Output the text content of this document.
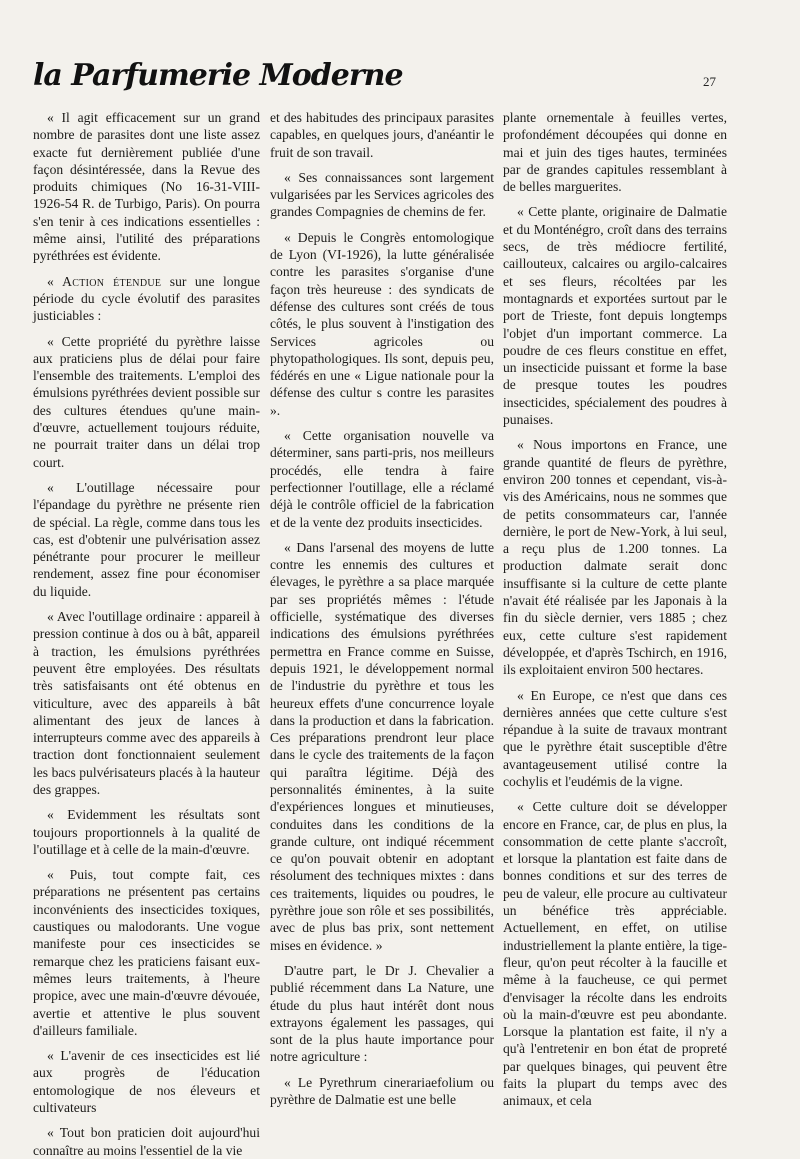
la Parfumerie Moderne	27

« Il agit efficacement sur un grand nombre de parasites dont une liste assez exacte fut dernièrement publiée d'une façon désintéressée, dans la Revue des produits chimiques (No 16-31-VIII-1926-54 R. de Turbigo, Paris). On pourra s'en tenir à ces indications essentielles : même ainsi, l'utilité des préparations pyréthrées est évidente.

« Action étendue sur une longue période du cycle évolutif des parasites justiciables :

« Cette propriété du pyrèthre laisse aux praticiens plus de délai pour faire l'ensemble des traitements. L'emploi des émulsions pyréthrées devient possible sur des cultures étendues qu'une main-d'œuvre, actuellement toujours réduite, ne pourrait traiter dans un délai trop court.

« L'outillage nécessaire pour l'épandage du pyrèthre ne présente rien de spécial. La règle, comme dans tous les cas, est d'obtenir une pulvérisation assez pénétrante pour procurer le meilleur rendement, assez fine pour économiser du liquide.

« Avec l'outillage ordinaire : appareil à pression continue à dos ou à bât, appareil à traction, les émulsions pyréthrées peuvent être employées. Des résultats très satisfaisants ont été obtenus en viticulture, avec des appareils à bât alimentant des jeux de lances à interrupteurs comme avec des appareils à traction dont fonctionnaient seulement les bacs pulvérisateurs placés à la hauteur des grappes.

« Evidemment les résultats sont toujours proportionnels à la qualité de l'outillage et à celle de la main-d'œuvre.

« Puis, tout compte fait, ces préparations ne présentent pas certains inconvénients des insecticides toxiques, caustiques ou malodorants. Une vogue manifeste pour ces insecticides se remarque chez les praticiens faisant eux-mêmes leurs traitements, à l'heure propice, avec une main-d'œuvre dévouée, avertie et attentive le plus souvent d'ailleurs familiale.

« L'avenir de ces insecticides est lié aux progrès de l'éducation entomologique de nos éleveurs et cultivateurs

« Tout bon praticien doit aujourd'hui connaître au moins l'essentiel de la vie

et des habitudes des principaux parasites capables, en quelques jours, d'anéantir le fruit de son travail.

« Ses connaissances sont largement vulgarisées par les Services agricoles des grandes Compagnies de chemins de fer.

« Depuis le Congrès entomologique de Lyon (VI-1926), la lutte généralisée contre les parasites s'organise d'une façon très heureuse : des syndicats de défense des cultures sont créés de tous côtés, le plus souvent à l'instigation des Services agricoles ou phytopathologiques. Ils sont, depuis peu, fédérés en une « Ligue nationale pour la défense des cultur s contre les parasites ».

« Cette organisation nouvelle va déterminer, sans parti-pris, nos meilleurs procédés, elle tendra à faire perfectionner l'outillage, elle a réclamé déjà le contrôle officiel de la fabrication et de la vente dez produits insecticides.

« Dans l'arsenal des moyens de lutte contre les ennemis des cultures et élevages, le pyrèthre a sa place marquée par ses propriétés mêmes : l'étude officielle, systématique des diverses indications des émulsions pyréthrées permettra en France comme en Suisse, depuis 1921, le développement normal de l'industrie du pyrèthre et tous les heureux effets d'une concurrence loyale dans la production et dans la fabrication. Ces préparations prendront leur place dans le cycle des traitements de la façon qui paraîtra légitime. Déjà des personnalités éminentes, à la suite d'expériences longues et minutieuses, conduites dans les conditions de la grande culture, ont indiqué récemment ce qu'on pouvait obtenir en adoptant résolument des techniques mixtes : dans ces traitements, liquides ou poudres, le pyrèthre joue son rôle et ses possibilités, avec de plus bas prix, sont nettement mises en évidence. »

D'autre part, le Dr J. Chevalier a publié récemment dans La Nature, une étude du plus haut intérêt dont nous extrayons également les passages, qui sont de la plus haute importance pour notre agriculture :

« Le Pyrethrum cinerariaefolium ou pyrèthre de Dalmatie est une belle

plante ornementale à feuilles vertes, profondément découpées qui donne en mai et juin des tiges hautes, terminées par de grandes capitules ressemblant à de belles marguerites.

« Cette plante, originaire de Dalmatie et du Monténégro, croît dans des terrains secs, de très médiocre fertilité, caillouteux, calcaires ou argilo-calcaires et ses fleurs, récoltées par les montagnards et exportées surtout par le port de Trieste, font depuis longtemps l'objet d'un important commerce. La poudre de ces fleurs constitue en effet, un insecticide puissant et forme la base de presque toutes les poudres insecticides, spécialement des poudres à punaises.

« Nous importons en France, une grande quantité de fleurs de pyrèthre, environ 200 tonnes et cependant, vis-à-vis des Américains, nous ne sommes que de petits consommateurs car, l'année dernière, le port de New-York, à lui seul, a reçu plus de 1.200 tonnes. La production dalmate serait donc insuffisante si la culture de cette plante n'avait été réalisée par les Japonais à la fin du siècle dernier, vers 1885 ; chez eux, cette culture s'est rapidement développée, et d'après Tschirch, en 1916, ils exploitaient environ 500 hectares.

« En Europe, ce n'est que dans ces dernières années que cette culture s'est répandue à la suite de travaux montrant que le pyrèthre était susceptible d'être avantageusement utilisé contre la cochylis et l'eudémis de la vigne.

« Cette culture doit se développer encore en France, car, de plus en plus, la consommation de cette plante s'accroît, et lorsque la plantation est faite dans de bonnes conditions et sur des terres de peu de valeur, elle procure au cultivateur un bénéfice très appréciable. Actuellement, en effet, on utilise industriellement la plante entière, la tige-fleur, qu'on peut récolter à la faucille et même à la faucheuse, ce qui permet d'envisager la récolte dans les endroits où la main-d'œuvre est peu abondante. Lorsque la plantation est faite, il n'y a qu'à l'entretenir en bon état de propreté par quelques binages, qui peuvent être faits la plupart du temps avec des animaux, et cela
